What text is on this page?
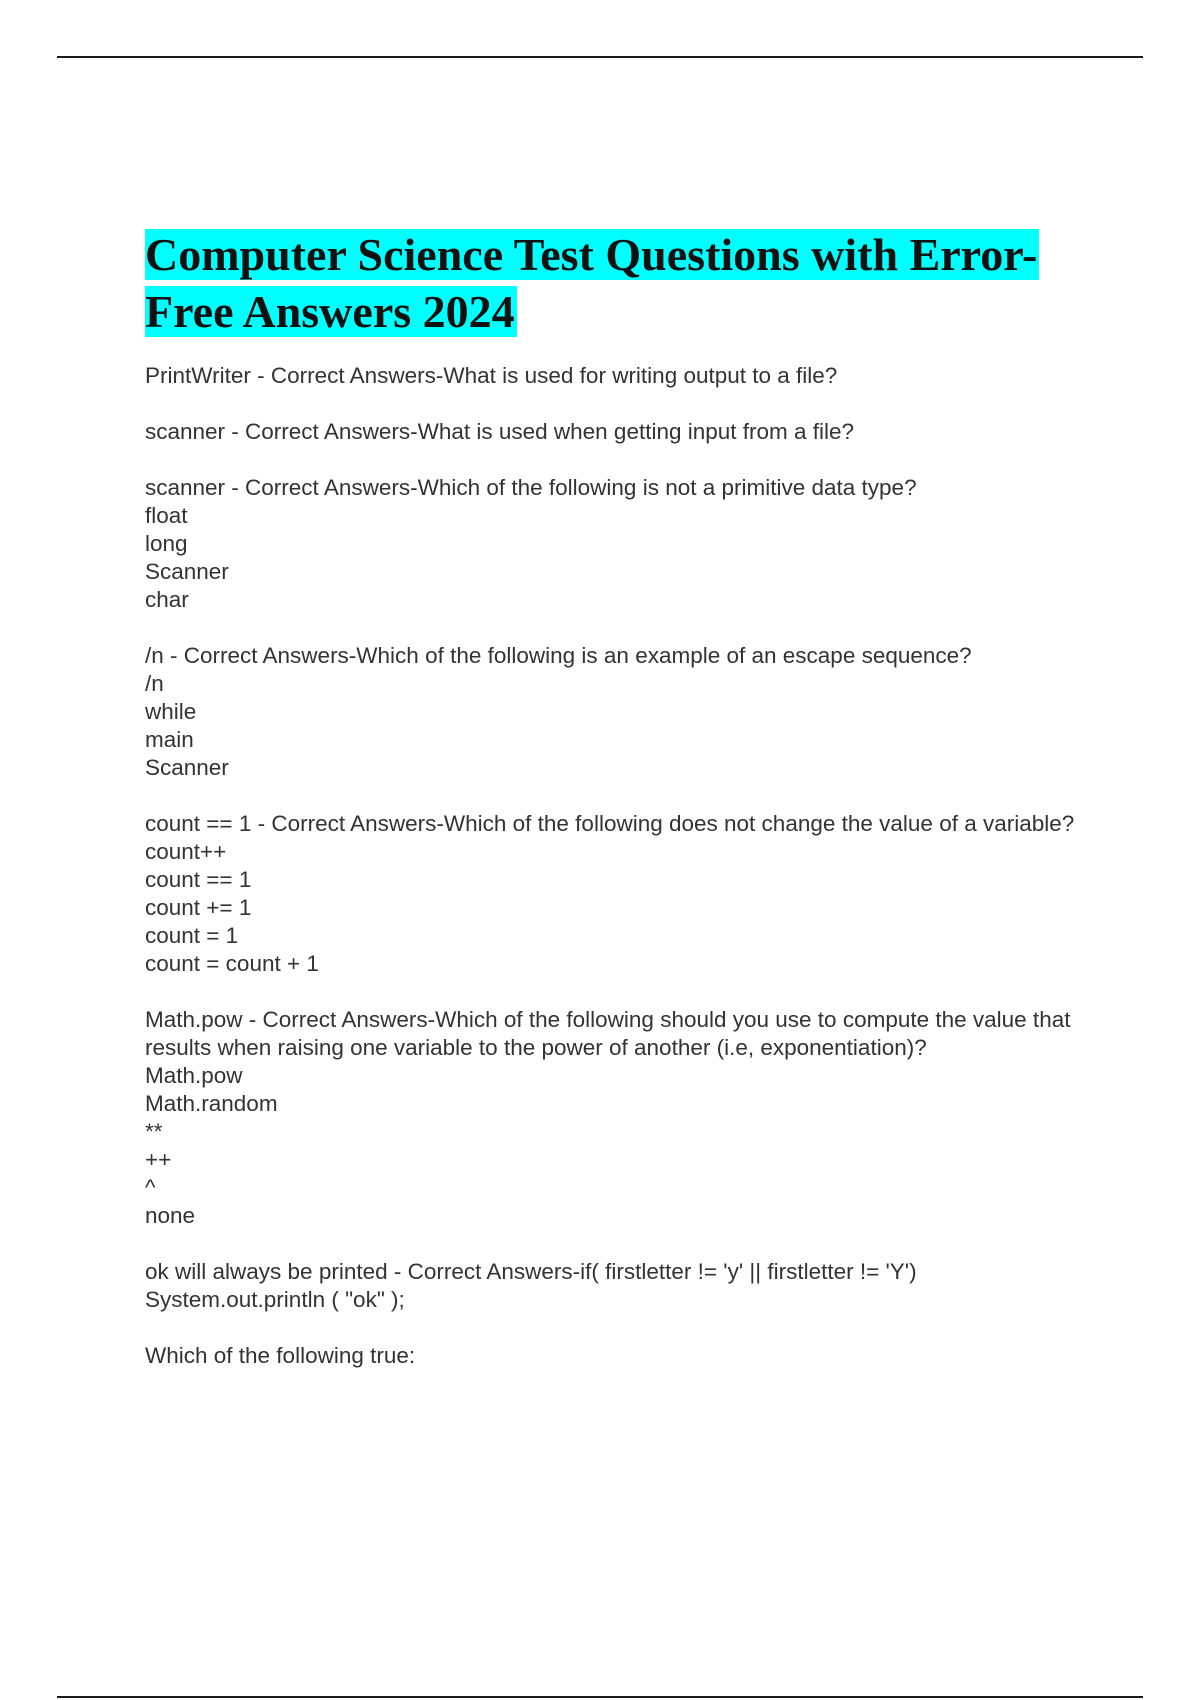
Computer Science Test Questions with Error-Free Answers 2024
PrintWriter - Correct Answers-What is used for writing output to a file?
scanner - Correct Answers-What is used when getting input from a file?
scanner - Correct Answers-Which of the following is not a primitive data type?
float
long
Scanner
char
/n - Correct Answers-Which of the following is an example of an escape sequence?
/n
while
main
Scanner
count == 1 - Correct Answers-Which of the following does not change the value of a variable?
count++
count == 1
count += 1
count = 1
count = count + 1
Math.pow - Correct Answers-Which of the following should you use to compute the value that results when raising one variable to the power of another (i.e, exponentiation)?
Math.pow
Math.random
**
++
^
none
ok will always be printed - Correct Answers-if( firstletter != 'y' || firstletter != 'Y')
System.out.println ( "ok" );
Which of the following true:
